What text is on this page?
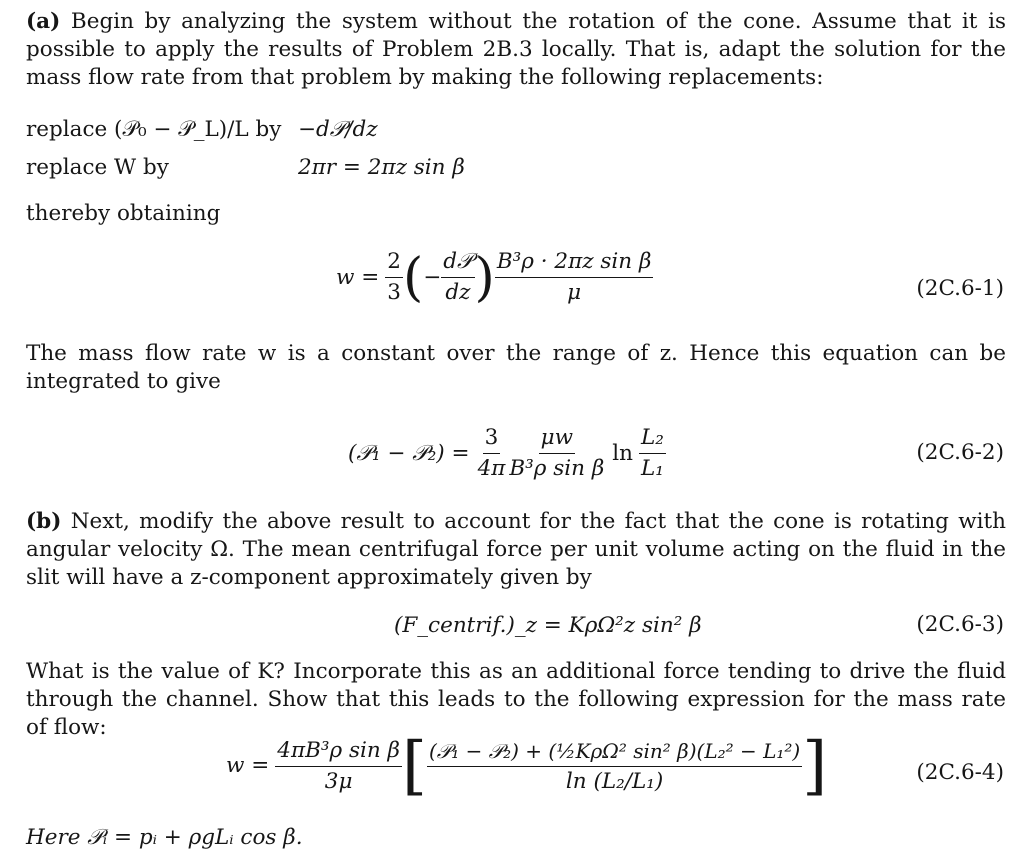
(a) Begin by analyzing the system without the rotation of the cone. Assume that it is possible to apply the results of Problem 2B.3 locally. That is, adapt the solution for the mass flow rate from that problem by making the following replacements:
replace (𝒫₀ − 𝒫_L)/L by −d𝒫/dz
replace W by	2πr = 2πz sin β
thereby obtaining
$w = \frac{2}{3}$ ( − $\frac{\text{d𝒫}}{dz}$ ) $\frac{\text{B³ρ · 2πz sin β}}{\mu}$	(2C.6-1)
The mass flow rate w is a constant over the range of z. Hence this equation can be integrated to give
(𝒫₁ − 𝒫₂) = $\frac{3}{4\pi} \frac{\mu w}{\text{B³ρ sin β}}$ $\ln \frac{\text{L₂}}{\text{L₁}}$	(2C.6-2)
(b) Next, modify the above result to account for the fact that the cone is rotating with angular velocity Ω. The mean centrifugal force per unit volume acting on the fluid in the slit will have a z-component approximately given by
(F_centrif.)_z = KρΩ²z sin² β	(2C.6-3)
What is the value of K? Incorporate this as an additional force tending to drive the fluid through the channel. Show that this leads to the following expression for the mass rate of flow:
$w = \frac{\text{4πB³ρ sin β}}{3\mu}$ [ $\frac{\text{(𝒫₁ − 𝒫₂) + (½KρΩ² sin² β)(L₂² − L₁²)}}{\text{ln (L₂/L₁)}}$ ]	(2C.6-4)
Here 𝒫ᵢ = pᵢ + ρgLᵢ cos β.
